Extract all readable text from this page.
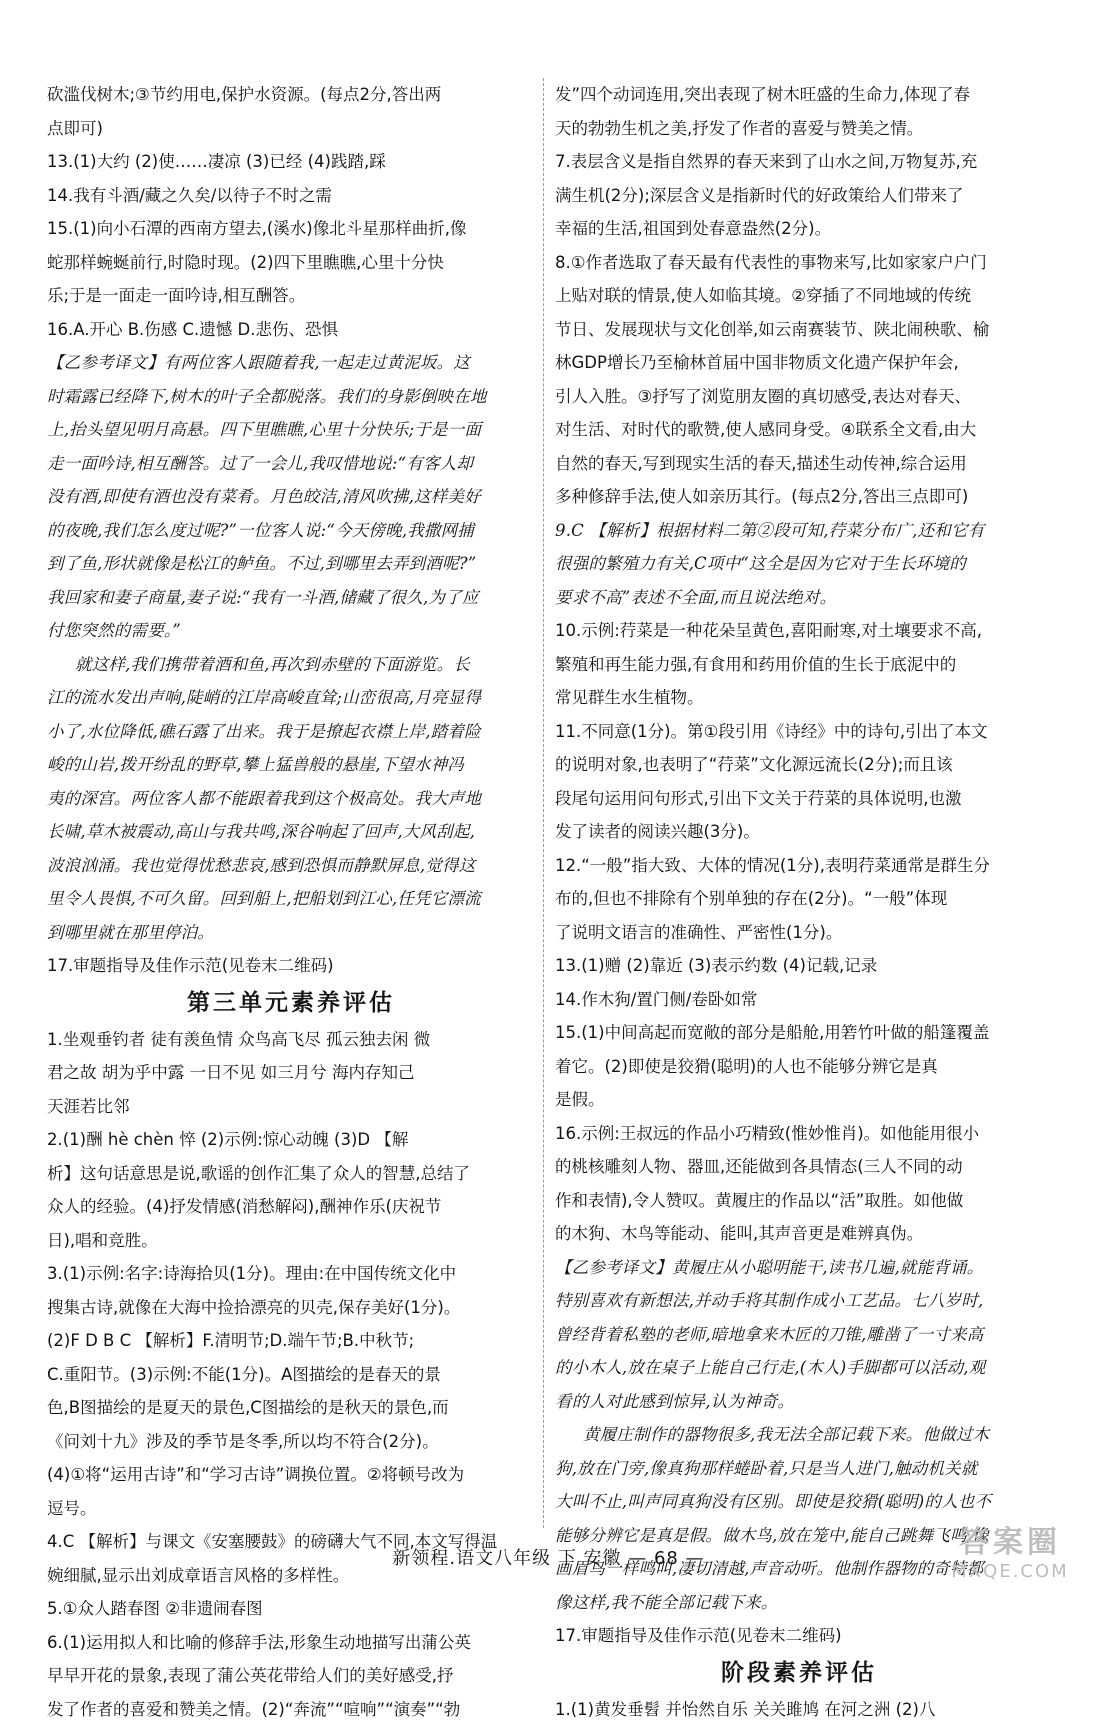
砍滥伐树木;③节约用电,保护水资源。(每点2分,答出两
点即可)
13.(1)大约 (2)使……凄凉 (3)已经 (4)践踏,踩
14.我有斗酒/藏之久矣/以待子不时之需
15.(1)向小石潭的西南方望去,(溪水)像北斗星那样曲折,像
蛇那样蜿蜒前行,时隐时现。(2)四下里瞧瞧,心里十分快
乐;于是一面走一面吟诗,相互酬答。
16.A.开心 B.伤感 C.遗憾 D.悲伤、恐惧
【乙参考译文】有两位客人跟随着我,一起走过黄泥坂。这
时霜露已经降下,树木的叶子全都脱落。我们的身影倒映在地
上,抬头望见明月高悬。四下里瞧瞧,心里十分快乐;于是一面
走一面吟诗,相互酬答。过了一会儿,我叹惜地说:“有客人却
没有酒,即使有酒也没有菜肴。月色皎洁,清风吹拂,这样美好
的夜晚,我们怎么度过呢?”一位客人说:“今天傍晚,我撒网捕
到了鱼,形状就像是松江的鲈鱼。不过,到哪里去弄到酒呢?”
我回家和妻子商量,妻子说:“我有一斗酒,储藏了很久,为了应
付您突然的需要。”
就这样,我们携带着酒和鱼,再次到赤壁的下面游览。长
江的流水发出声响,陡峭的江岸高峻直耸;山峦很高,月亮显得
小了,水位降低,礁石露了出来。我于是撩起衣襟上岸,踏着险
峻的山岩,拨开纷乱的野草,攀上猛兽般的悬崖,下望水神冯
夷的深宫。两位客人都不能跟着我到这个极高处。我大声地
长啸,草木被震动,高山与我共鸣,深谷响起了回声,大风刮起,
波浪汹涌。我也觉得忧愁悲哀,感到恐惧而静默屏息,觉得这
里令人畏惧,不可久留。回到船上,把船划到江心,任凭它漂流
到哪里就在那里停泊。
17.审题指导及佳作示范(见卷末二维码)
第三单元素养评估
1.坐观垂钓者 徒有羡鱼情 众鸟高飞尽 孤云独去闲 微
君之故 胡为乎中露 一日不见 如三月兮 海内存知己
天涯若比邻
2.(1)酬 hè chèn 悴 (2)示例:惊心动魄 (3)D 【解
析】这句话意思是说,歌谣的创作汇集了众人的智慧,总结了
众人的经验。(4)抒发情感(消愁解闷),酬神作乐(庆祝节
日),唱和竞胜。
3.(1)示例:名字:诗海拾贝(1分)。理由:在中国传统文化中
搜集古诗,就像在大海中捡拾漂亮的贝壳,保存美好(1分)。
(2)F D B C 【解析】F.清明节;D.端午节;B.中秋节;
C.重阳节。(3)示例:不能(1分)。A图描绘的是春天的景
色,B图描绘的是夏天的景色,C图描绘的是秋天的景色,而
《问刘十九》涉及的季节是冬季,所以均不符合(2分)。
(4)①将“运用古诗”和“学习古诗”调换位置。②将顿号改为
逗号。
4.C 【解析】与课文《安塞腰鼓》的磅礴大气不同,本文写得温
婉细腻,显示出刘成章语言风格的多样性。
5.①众人踏春图 ②非遗闹春图
6.(1)运用拟人和比喻的修辞手法,形象生动地描写出蒲公英
早早开花的景象,表现了蒲公英花带给人们的美好感受,抒
发了作者的喜爱和赞美之情。(2)“奔流”“喧响”“演奏”“勃
发”四个动词连用,突出表现了树木旺盛的生命力,体现了春
天的勃勃生机之美,抒发了作者的喜爱与赞美之情。
7.表层含义是指自然界的春天来到了山水之间,万物复苏,充
满生机(2分);深层含义是指新时代的好政策给人们带来了
幸福的生活,祖国到处春意盎然(2分)。
8.①作者选取了春天最有代表性的事物来写,比如家家户户门
上贴对联的情景,使人如临其境。②穿插了不同地域的传统
节日、发展现状与文化创举,如云南赛装节、陕北闹秧歌、榆
林GDP增长乃至榆林首届中国非物质文化遗产保护年会,
引人入胜。③抒写了浏览朋友圈的真切感受,表达对春天、
对生活、对时代的歌赞,使人感同身受。④联系全文看,由大
自然的春天,写到现实生活的春天,描述生动传神,综合运用
多种修辞手法,使人如亲历其行。(每点2分,答出三点即可)
9.C 【解析】根据材料二第②段可知,荇菜分布广,还和它有
很强的繁殖力有关,C项中“这全是因为它对于生长环境的
要求不高”表述不全面,而且说法绝对。
10.示例:荇菜是一种花朵呈黄色,喜阳耐寒,对土壤要求不高,
繁殖和再生能力强,有食用和药用价值的生长于底泥中的
常见群生水生植物。
11.不同意(1分)。第①段引用《诗经》中的诗句,引出了本文
的说明对象,也表明了“荇菜”文化源远流长(2分);而且该
段尾句运用问句形式,引出下文关于荇菜的具体说明,也激
发了读者的阅读兴趣(3分)。
12.“一般”指大致、大体的情况(1分),表明荇菜通常是群生分
布的,但也不排除有个别单独的存在(2分)。“一般”体现
了说明文语言的准确性、严密性(1分)。
13.(1)赠 (2)靠近 (3)表示约数 (4)记载,记录
14.作木狗/置门侧/卷卧如常
15.(1)中间高起而宽敞的部分是船舱,用箬竹叶做的船篷覆盖
着它。(2)即使是狡猾(聪明)的人也不能够分辨它是真
是假。
16.示例:王叔远的作品小巧精致(惟妙惟肖)。如他能用很小
的桃核雕刻人物、器皿,还能做到各具情态(三人不同的动
作和表情),令人赞叹。黄履庄的作品以“活”取胜。如他做
的木狗、木鸟等能动、能叫,其声音更是难辨真伪。
【乙参考译文】黄履庄从小聪明能干,读书几遍,就能背诵。
特别喜欢有新想法,并动手将其制作成小工艺品。七八岁时,
曾经背着私塾的老师,暗地拿来木匠的刀锥,雕凿了一寸来高
的小木人,放在桌子上能自己行走,(木人)手脚都可以活动,观
看的人对此感到惊异,认为神奇。
黄履庄制作的器物很多,我无法全部记载下来。他做过木
狗,放在门旁,像真狗那样蜷卧着,只是当人进门,触动机关就
大叫不止,叫声同真狗没有区别。即使是狡猾(聪明)的人也不
能够分辨它是真是假。做木鸟,放在笼中,能自己跳舞飞鸣,像
画眉鸟一样鸣叫,凄切清越,声音动听。他制作器物的奇特都
像这样,我不能全部记载下来。
17.审题指导及佳作示范(见卷末二维码)
阶段素养评估
1.(1)黄发垂髫 并怡然自乐 关关雎鸠 在河之洲 (2)八
新领程.语文八年级 下 安徽 — 68 —	答案圈
MXQE.COM
